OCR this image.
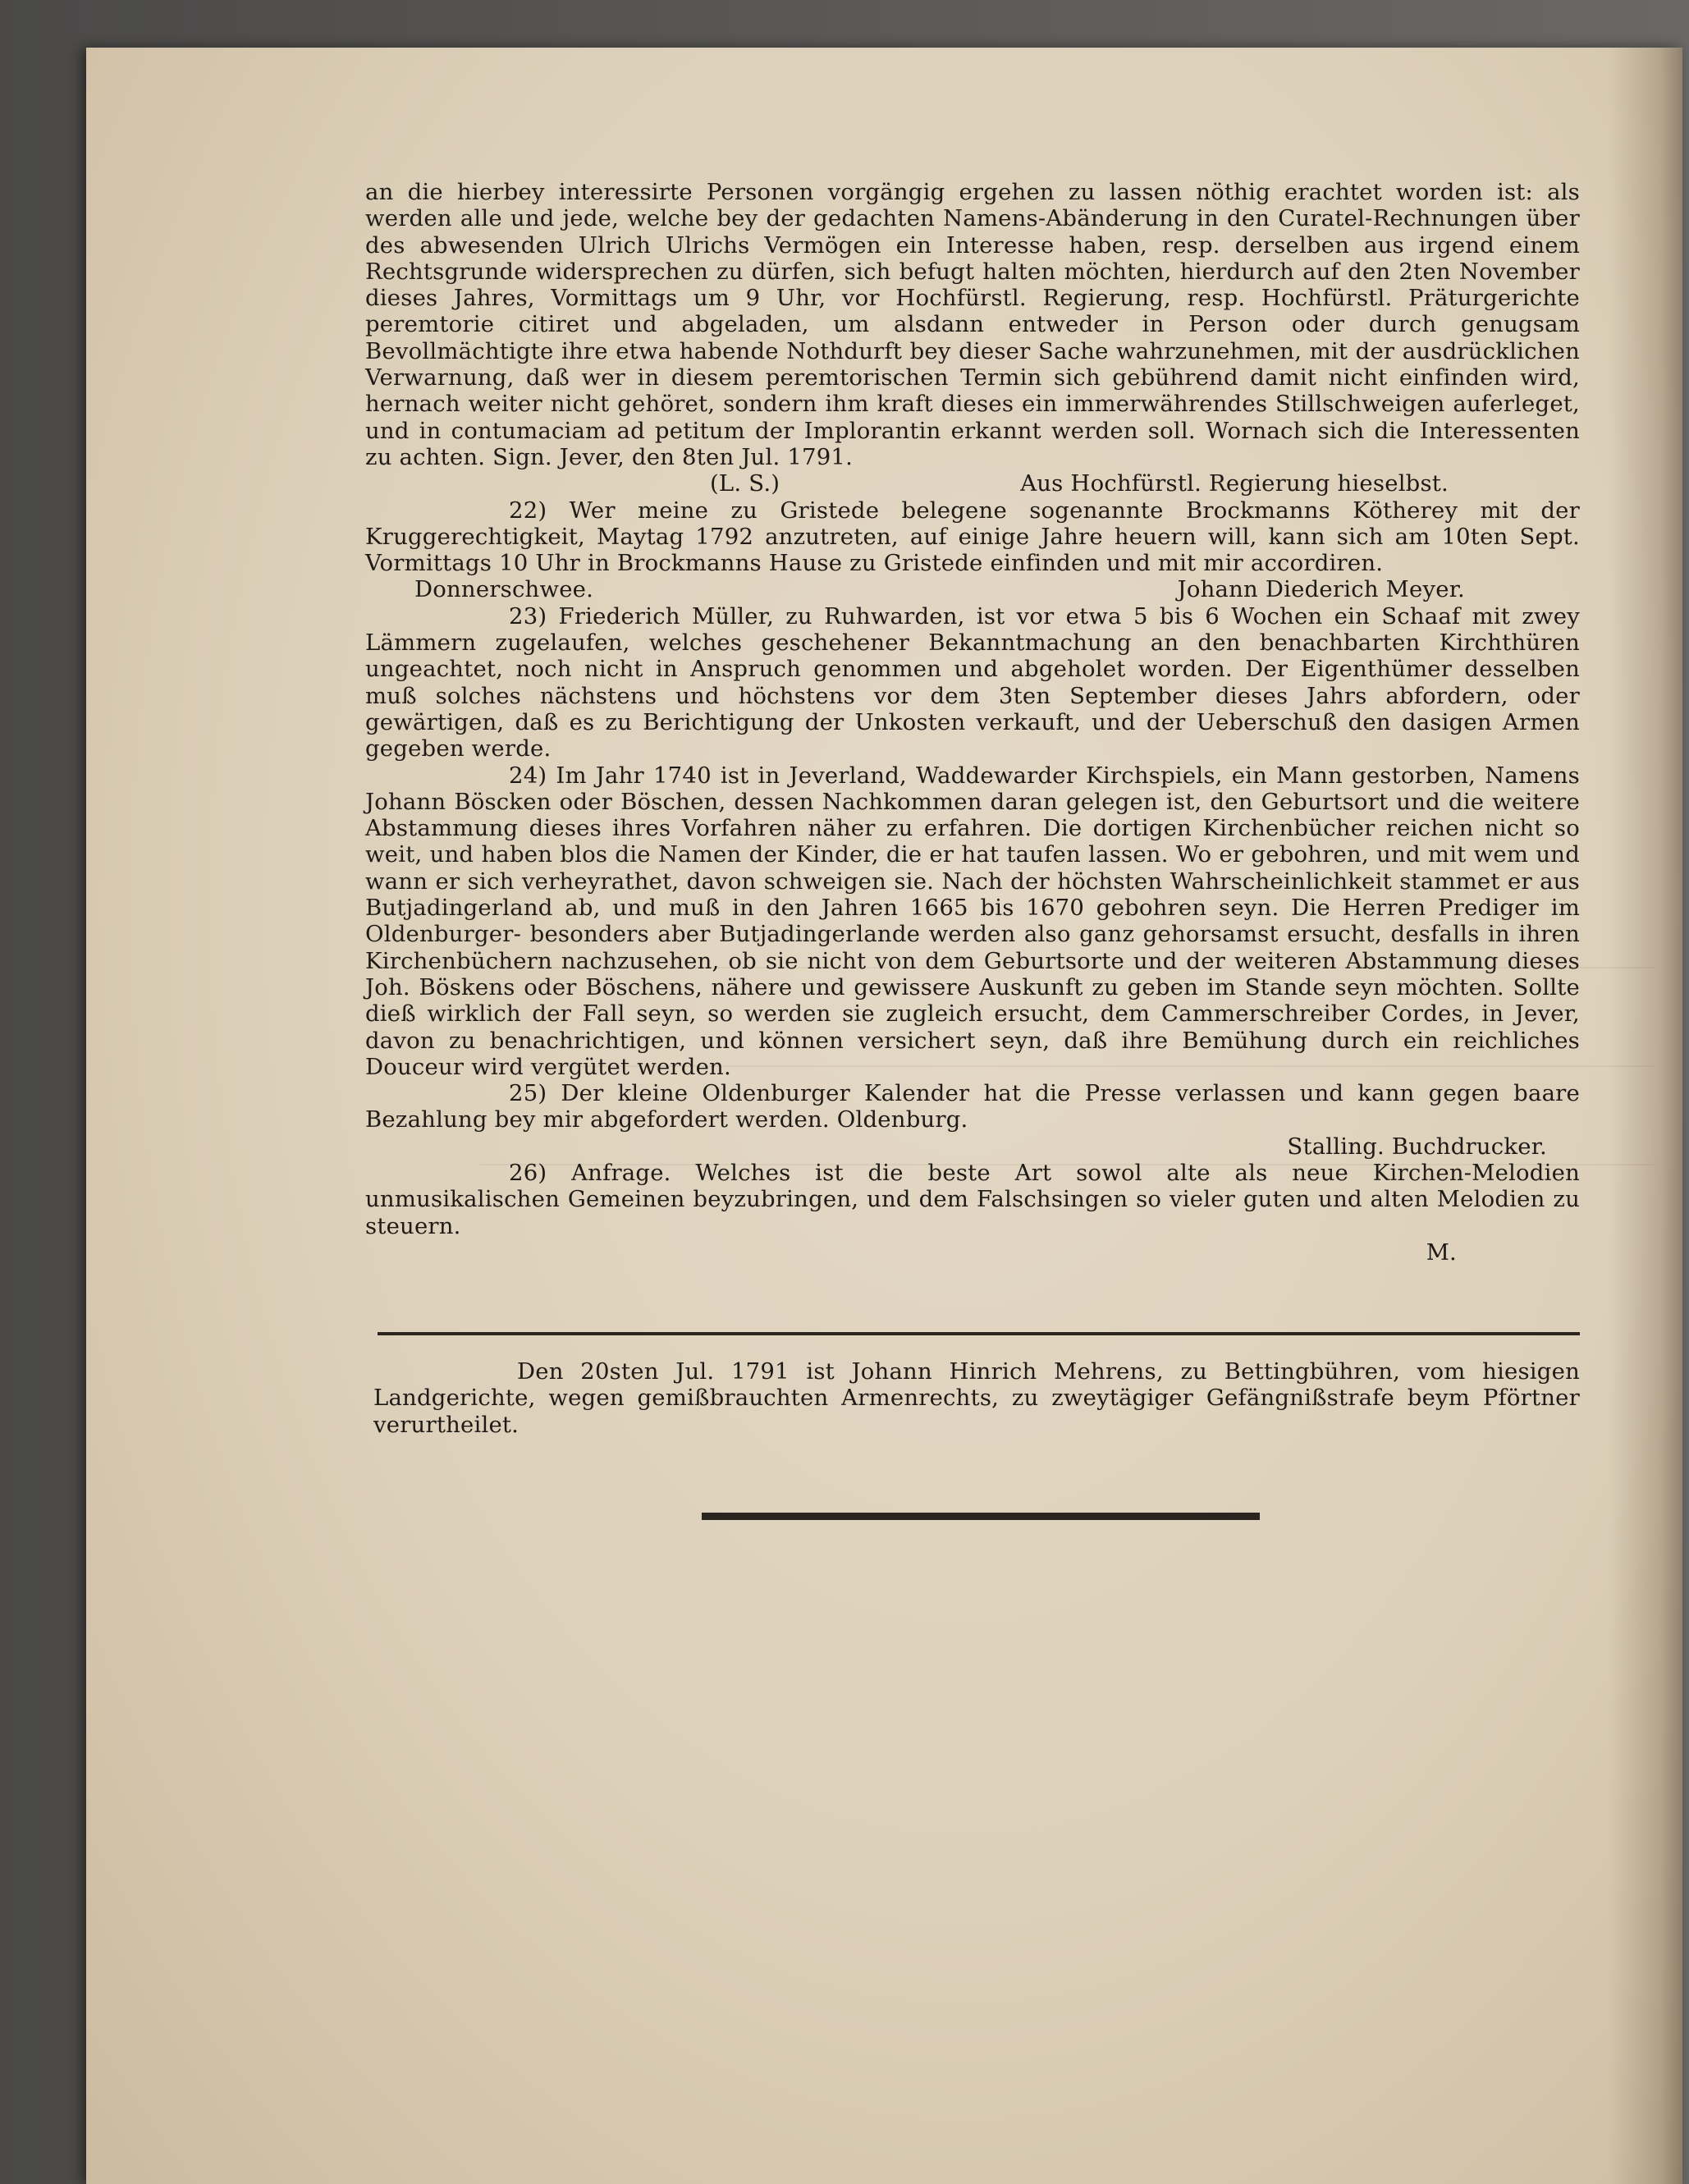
an die hierbey interessirte Personen vorgängig ergehen zu lassen nöthig erachtet worden ist: als werden alle und jede, welche bey der gedachten Namens-Abänderung in den Curatel-Rechnungen über des abwesenden Ulrich Ulrichs Vermögen ein Interesse haben, resp. derselben aus irgend einem Rechtsgrunde widersprechen zu dürfen, sich befugt halten möchten, hierdurch auf den 2ten November dieses Jahres, Vormittags um 9 Uhr, vor Hochfürstl. Regierung, resp. Hochfürstl. Präturgerichte peremtorie citiret und abgeladen, um alsdann entweder in Person oder durch genugsam Bevollmächtigte ihre etwa habende Nothdurft bey dieser Sache wahrzunehmen, mit der ausdrücklichen Verwarnung, daß wer in diesem peremtorischen Termin sich gebührend damit nicht einfinden wird, hernach weiter nicht gehöret, sondern ihm kraft dieses ein immerwährendes Stillschweigen auferleget, und in contumaciam ad petitum der Implorantin erkannt werden soll. Wornach sich die Interessenten zu achten. Sign. Jever, den 8ten Jul. 1791.

(L. S.)	Aus Hochfürstl. Regierung hieselbst.

22) Wer meine zu Gristede belegene sogenannte Brockmanns Kötherey mit der Kruggerechtigkeit, Maytag 1792 anzutreten, auf einige Jahre heuern will, kann sich am 10ten Sept. Vormittags 10 Uhr in Brockmanns Hause zu Gristede einfinden und mit mir accordiren.

Donnerschwee.	Johann Diederich Meyer.

23) Friederich Müller, zu Ruhwarden, ist vor etwa 5 bis 6 Wochen ein Schaaf mit zwey Lämmern zugelaufen, welches geschehener Bekanntmachung an den benachbarten Kirchthüren ungeachtet, noch nicht in Anspruch genommen und abgeholet worden. Der Eigenthümer desselben muß solches nächstens und höchstens vor dem 3ten September dieses Jahrs abfordern, oder gewärtigen, daß es zu Berichtigung der Unkosten verkauft, und der Ueberschuß den dasigen Armen gegeben werde.

24) Im Jahr 1740 ist in Jeverland, Waddewarder Kirchspiels, ein Mann gestorben, Namens Johann Böscken oder Böschen, dessen Nachkommen daran gelegen ist, den Geburtsort und die weitere Abstammung dieses ihres Vorfahren näher zu erfahren. Die dortigen Kirchenbücher reichen nicht so weit, und haben blos die Namen der Kinder, die er hat taufen lassen. Wo er gebohren, und mit wem und wann er sich verheyrathet, davon schweigen sie. Nach der höchsten Wahrscheinlichkeit stammet er aus Butjadingerland ab, und muß in den Jahren 1665 bis 1670 gebohren seyn. Die Herren Prediger im Oldenburger- besonders aber Butjadingerlande werden also ganz gehorsamst ersucht, desfalls in ihren Kirchenbüchern nachzusehen, ob sie nicht von dem Geburtsorte und der weiteren Abstammung dieses Joh. Böskens oder Böschens, nähere und gewissere Auskunft zu geben im Stande seyn möchten. Sollte dieß wirklich der Fall seyn, so werden sie zugleich ersucht, dem Cammerschreiber Cordes, in Jever, davon zu benachrichtigen, und können versichert seyn, daß ihre Bemühung durch ein reichliches Douceur wird vergütet werden.

25) Der kleine Oldenburger Kalender hat die Presse verlassen und kann gegen baare Bezahlung bey mir abgefordert werden. Oldenburg.

Stalling. Buchdrucker.

26) Anfrage. Welches ist die beste Art sowol alte als neue Kirchen-Melodien unmusikalischen Gemeinen beyzubringen, und dem Falschsingen so vieler guten und alten Melodien zu steuern.

M.

Den 20sten Jul. 1791 ist Johann Hinrich Mehrens, zu Bettingbühren, vom hiesigen Landgerichte, wegen gemißbrauchten Armenrechts, zu zweytägiger Gefängnißstrafe beym Pförtner verurtheilet.
